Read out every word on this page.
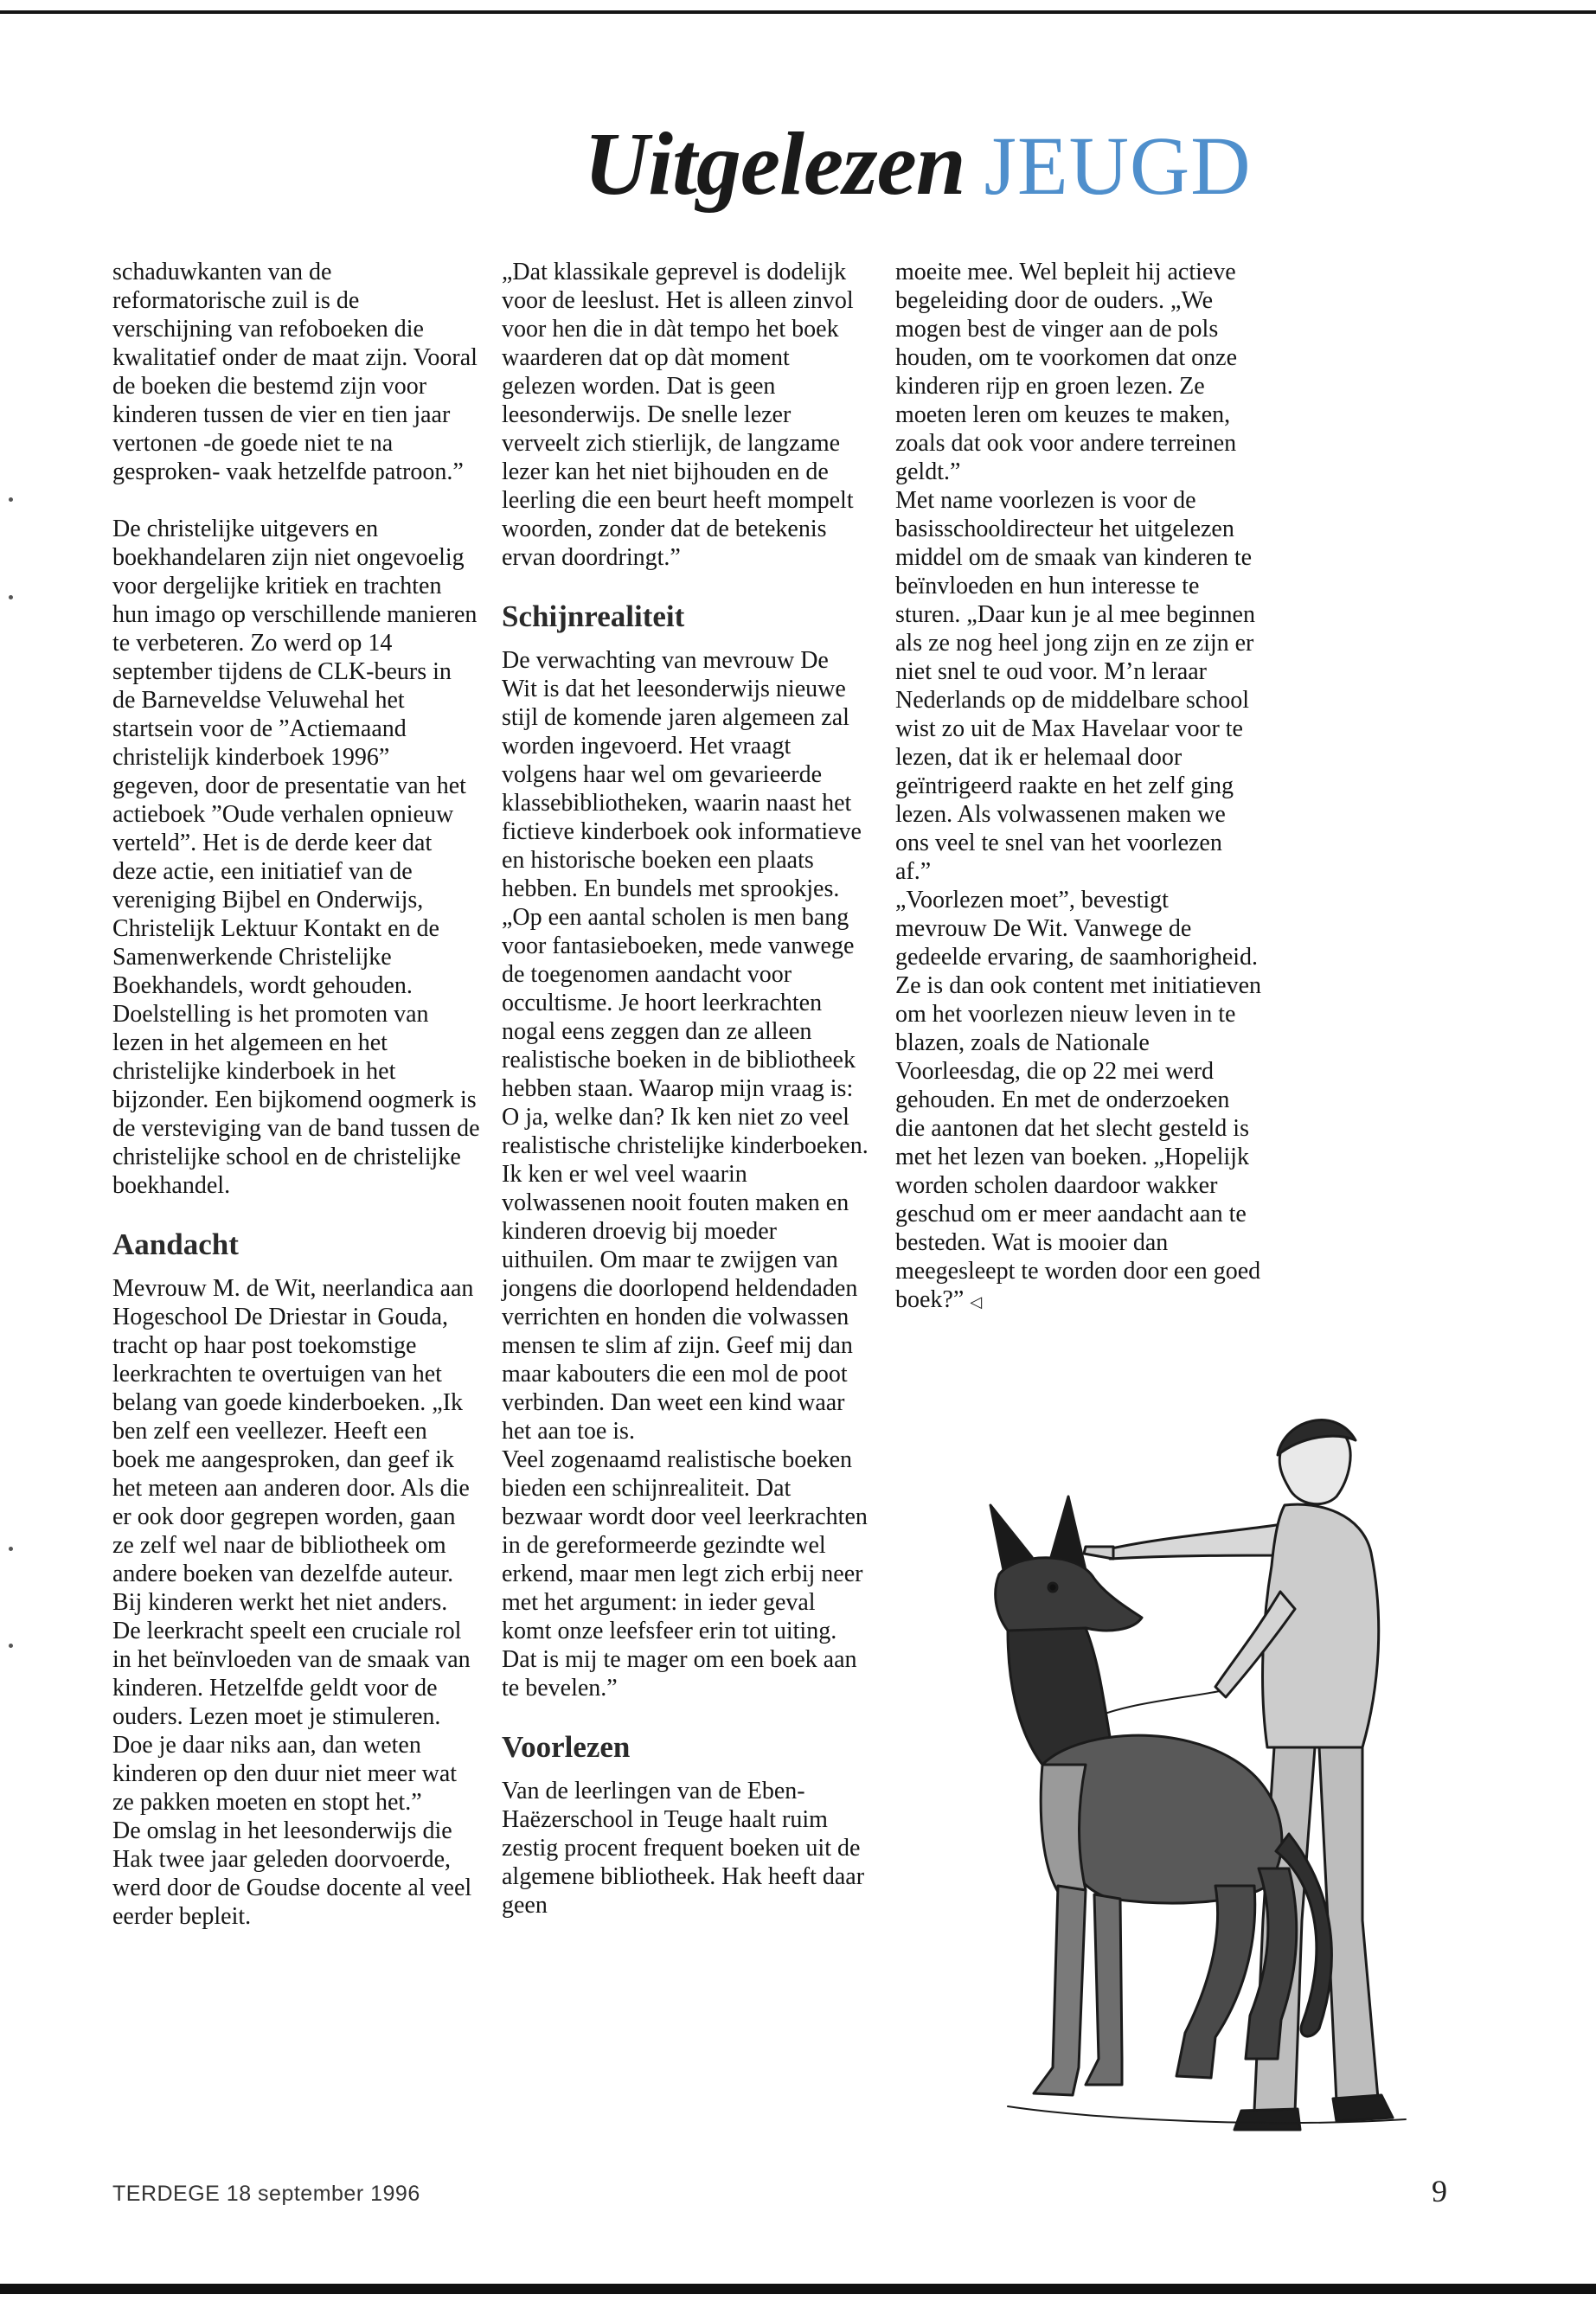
Uitgelezen JEUGD

schaduwkanten van de reformatorische zuil is de verschijning van refoboeken die kwalitatief onder de maat zijn. Vooral de boeken die bestemd zijn voor kinderen tussen de vier en tien jaar vertonen -de goede niet te na gesproken- vaak hetzelfde patroon.”

De christelijke uitgevers en boekhandelaren zijn niet ongevoelig voor dergelijke kritiek en trachten hun imago op verschillende manieren te verbeteren. Zo werd op 14 september tijdens de CLK-beurs in de Barneveldse Veluwehal het startsein voor de ”Actiemaand christelijk kinderboek 1996” gegeven, door de presentatie van het actieboek ”Oude verhalen opnieuw verteld”. Het is de derde keer dat deze actie, een initiatief van de vereniging Bijbel en Onderwijs, Christelijk Lektuur Kontakt en de Samenwerkende Christelijke Boekhandels, wordt gehouden. Doelstelling is het promoten van lezen in het algemeen en het christelijke kinderboek in het bijzonder. Een bijkomend oogmerk is de versteviging van de band tussen de christelijke school en de christelijke boekhandel.

Aandacht

Mevrouw M. de Wit, neerlandica aan Hogeschool De Driestar in Gouda, tracht op haar post toekomstige leerkrachten te overtuigen van het belang van goede kinderboeken. „Ik ben zelf een veellezer. Heeft een boek me aangesproken, dan geef ik het meteen aan anderen door. Als die er ook door gegrepen worden, gaan ze zelf wel naar de bibliotheek om andere boeken van dezelfde auteur. Bij kinderen werkt het niet anders. De leerkracht speelt een cruciale rol in het beïnvloeden van de smaak van kinderen. Hetzelfde geldt voor de ouders. Lezen moet je stimuleren. Doe je daar niks aan, dan weten kinderen op den duur niet meer wat ze pakken moeten en stopt het.”

De omslag in het leesonderwijs die Hak twee jaar geleden doorvoerde, werd door de Goudse docente al veel eerder bepleit.

„Dat klassikale geprevel is dodelijk voor de leeslust. Het is alleen zinvol voor hen die in dàt tempo het boek waarderen dat op dàt moment gelezen worden. Dat is geen leesonderwijs. De snelle lezer verveelt zich stierlijk, de langzame lezer kan het niet bijhouden en de leerling die een beurt heeft mompelt woorden, zonder dat de betekenis ervan doordringt.”

Schijnrealiteit

De verwachting van mevrouw De Wit is dat het leesonderwijs nieuwe stijl de komende jaren algemeen zal worden ingevoerd. Het vraagt volgens haar wel om gevarieerde klassebibliotheken, waarin naast het fictieve kinderboek ook informatieve en historische boeken een plaats hebben. En bundels met sprookjes.

„Op een aantal scholen is men bang voor fantasieboeken, mede vanwege de toegenomen aandacht voor occultisme. Je hoort leerkrachten nogal eens zeggen dan ze alleen realistische boeken in de bibliotheek hebben staan. Waarop mijn vraag is: O ja, welke dan? Ik ken niet zo veel realistische christelijke kinderboeken. Ik ken er wel veel waarin volwassenen nooit fouten maken en kinderen droevig bij moeder uithuilen. Om maar te zwijgen van jongens die doorlopend heldendaden verrichten en honden die volwassen mensen te slim af zijn. Geef mij dan maar kabouters die een mol de poot verbinden. Dan weet een kind waar het aan toe is.

Veel zogenaamd realistische boeken bieden een schijnrealiteit. Dat bezwaar wordt door veel leerkrachten in de gereformeerde gezindte wel erkend, maar men legt zich erbij neer met het argument: in ieder geval komt onze leefsfeer erin tot uiting. Dat is mij te mager om een boek aan te bevelen.”

Voorlezen

Van de leerlingen van de Eben-Haëzerschool in Teuge haalt ruim zestig procent frequent boeken uit de algemene bibliotheek. Hak heeft daar geen

moeite mee. Wel bepleit hij actieve begeleiding door de ouders. „We mogen best de vinger aan de pols houden, om te voorkomen dat onze kinderen rijp en groen lezen. Ze moeten leren om keuzes te maken, zoals dat ook voor andere terreinen geldt.”

Met name voorlezen is voor de basisschooldirecteur het uitgelezen middel om de smaak van kinderen te beïnvloeden en hun interesse te sturen. „Daar kun je al mee beginnen als ze nog heel jong zijn en ze zijn er niet snel te oud voor. M’n leraar Nederlands op de middelbare school wist zo uit de Max Havelaar voor te lezen, dat ik er helemaal door geïntrigeerd raakte en het zelf ging lezen. Als volwassenen maken we ons veel te snel van het voorlezen af.”

„Voorlezen moet”, bevestigt mevrouw De Wit. Vanwege de gedeelde ervaring, de saamhorigheid. Ze is dan ook content met initiatieven om het voorlezen nieuw leven in te blazen, zoals de Nationale Voorleesdag, die op 22 mei werd gehouden. En met de onderzoeken die aantonen dat het slecht gesteld is met het lezen van boeken. „Hopelijk worden scholen daardoor wakker geschud om er meer aandacht aan te besteden. Wat is mooier dan meegesleept te worden door een goed boek?” ◁

TERDEGE 18 september 1996	9
